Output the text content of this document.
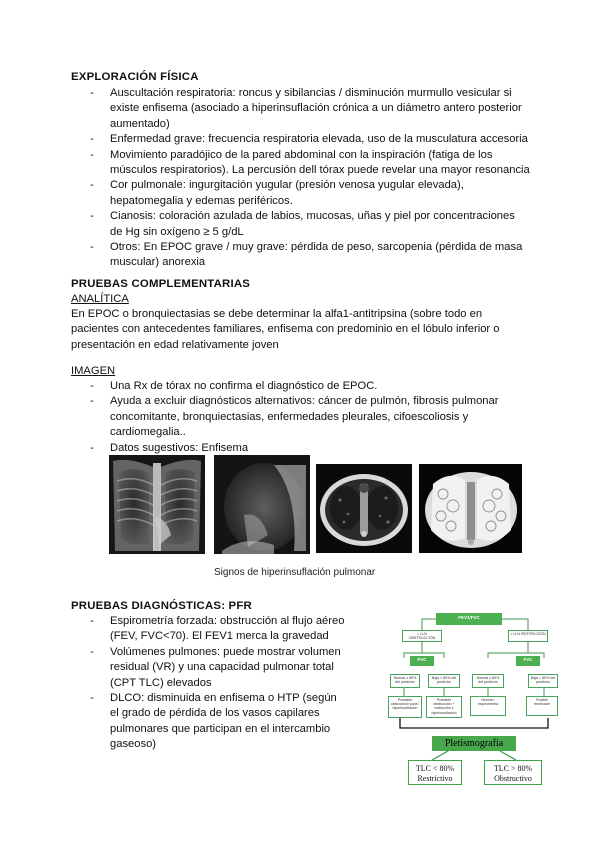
EXPLORACIÓN FÍSICA
- Auscultación respiratoria: roncus y sibilancias / disminución murmullo vesicular si existe enfisema (asociado a hiperinsuflación crónica a un diámetro antero posterior aumentado)
- Enfermedad grave: frecuencia respiratoria elevada, uso de la musculatura accesoria
- Movimiento paradójico de la pared abdominal con la inspiración (fatiga de los músculos respiratorios). La percusión dell tórax puede revelar una mayor resonancia
- Cor pulmonale: ingurgitación yugular (presión venosa yugular elevada), hepatomegalia y edemas periféricos.
- Cianosis: coloración azulada de labios, mucosas, uñas y piel por concentraciones de Hg sin oxígeno ≥ 5 g/dL
- Otros: En EPOC grave / muy grave: pérdida de peso, sarcopenia (pérdida de masa muscular) anorexia
PRUEBAS COMPLEMENTARIAS
ANALÍTICA
En EPOC o bronquiectasias se debe determinar la alfa1-antitripsina (sobre todo en pacientes con antecedentes familiares, enfisema con predominio en el lóbulo inferior o presentación en edad relativamente joven
IMAGEN
- Una Rx de tórax no confirma el diagnóstico de EPOC.
- Ayuda a excluir diagnósticos alternativos: cáncer de pulmón, fibrosis pulmonar concomitante, bronquiectasias, enfermedades pleurales, cifoescoliosis y cardiomegalia..
- Datos sugestivos: Enfisema
Signos de hiperinsuflación pulmonar
PRUEBAS DIAGNÓSTICAS: PFR
- Espirometría forzada: obstrucción al flujo aéreo (FEV, FVC<70). El FEV1 merca la gravedad
- Volúmenes pulmones: puede mostrar volumen residual (VR) y una capacidad pulmonar total (CPT TLC) elevados
- DLCO: disminuida en enfisema o HTP (según el grado de pérdida de los vasos capilares pulmonares que participan en el intercambio gaseoso)
FEV1/FVC
< LLN OBSTRUCCIÓN
> LLN RESTRICCIÓN
FVC	FVC
Normal ≥ 80% del predicho
Baja < 80% del predicho
Normal ≥ 80% del predicho
Baja < 80% del predicho
Probable obstrucción pura / hiperinsuflación
Probable obstrucción + restricción o hiperinsuflación
Normal / espirometría
Posible restricción
Pletismografía
TLC < 80%
Restrictivo
TLC > 80%
Obstructivo
